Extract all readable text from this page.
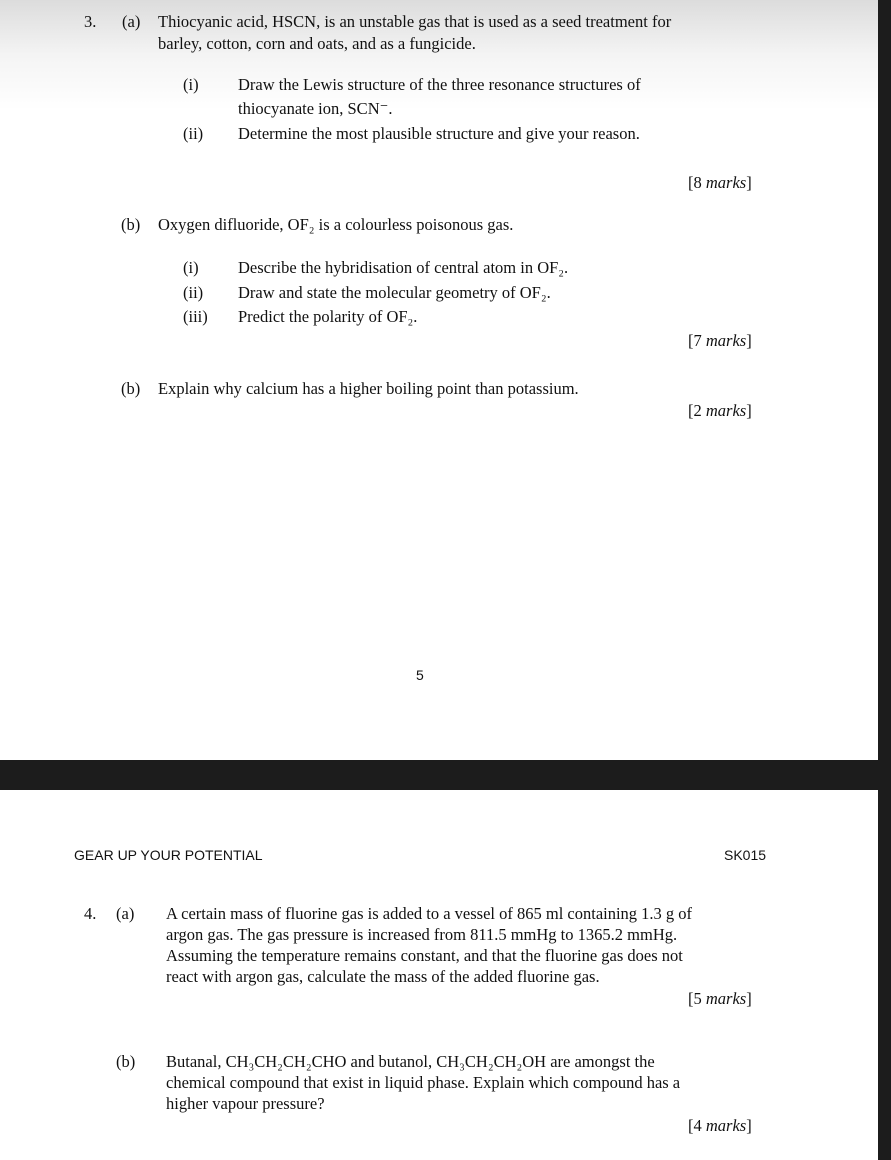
3. (a) Thiocyanic acid, HSCN, is an unstable gas that is used as a seed treatment for
barley, cotton, corn and oats, and as a fungicide.
(i) Draw the Lewis structure of the three resonance structures of
thiocyanate ion, SCN⁻.
(ii) Determine the most plausible structure and give your reason.
[8 marks]
(b) Oxygen difluoride, OF₂ is a colourless poisonous gas.
(i) Describe the hybridisation of central atom in OF₂.
(ii) Draw and state the molecular geometry of OF₂.
(iii) Predict the polarity of OF₂.
[7 marks]
(b) Explain why calcium has a higher boiling point than potassium.
[2 marks]
5
GEAR UP YOUR POTENTIAL	SK015
4. (a) A certain mass of fluorine gas is added to a vessel of 865 ml containing 1.3 g of
argon gas. The gas pressure is increased from 811.5 mmHg to 1365.2 mmHg.
Assuming the temperature remains constant, and that the fluorine gas does not
react with argon gas, calculate the mass of the added fluorine gas.
[5 marks]
(b) Butanal, CH₃CH₂CH₂CHO and butanol, CH₃CH₂CH₂OH are amongst the
chemical compound that exist in liquid phase. Explain which compound has a
higher vapour pressure?
[4 marks]
